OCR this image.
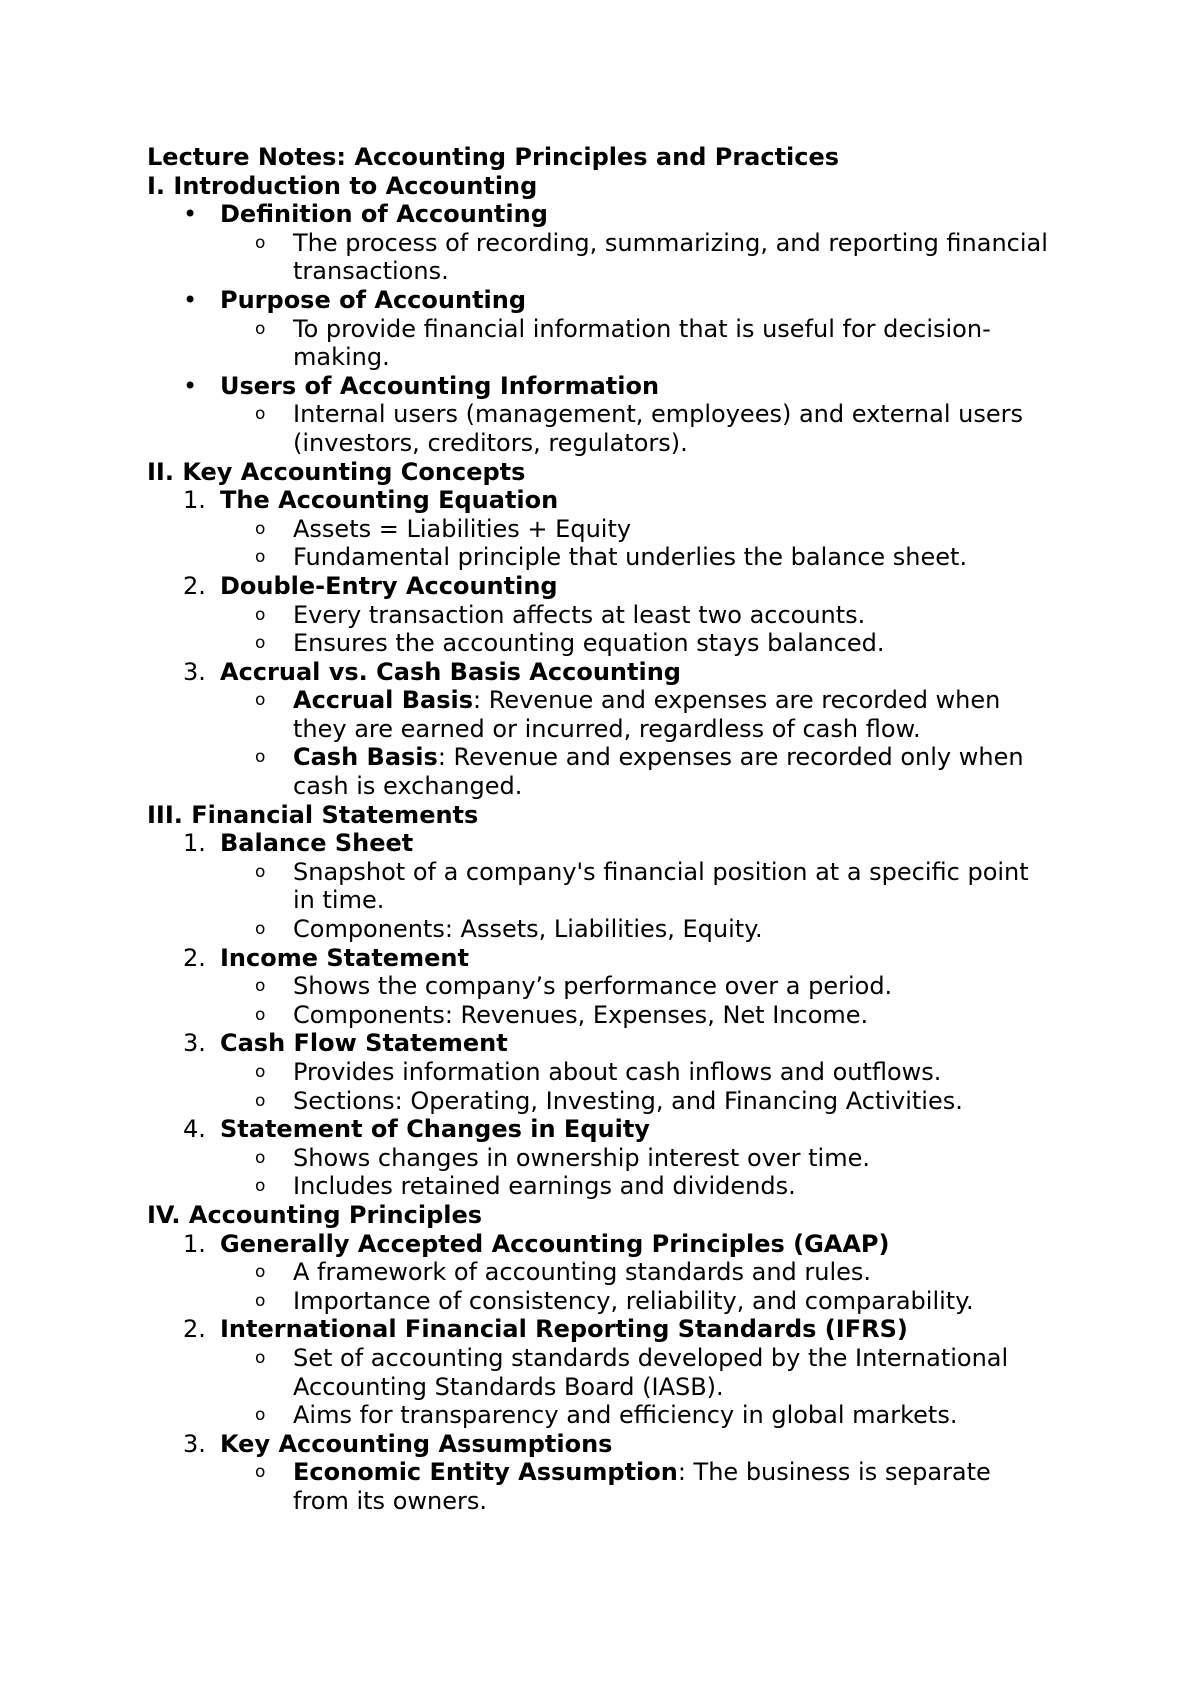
Lecture Notes: Accounting Principles and Practices
I. Introduction to Accounting
• Definition of Accounting
o The process of recording, summarizing, and reporting financial
transactions.
• Purpose of Accounting
o To provide financial information that is useful for decision-
making.
• Users of Accounting Information
o Internal users (management, employees) and external users
(investors, creditors, regulators).
II. Key Accounting Concepts
1. The Accounting Equation
o Assets = Liabilities + Equity
o Fundamental principle that underlies the balance sheet.
2. Double-Entry Accounting
o Every transaction affects at least two accounts.
o Ensures the accounting equation stays balanced.
3. Accrual vs. Cash Basis Accounting
o Accrual Basis: Revenue and expenses are recorded when
they are earned or incurred, regardless of cash flow.
o Cash Basis: Revenue and expenses are recorded only when
cash is exchanged.
III. Financial Statements
1. Balance Sheet
o Snapshot of a company's financial position at a specific point
in time.
o Components: Assets, Liabilities, Equity.
2. Income Statement
o Shows the company’s performance over a period.
o Components: Revenues, Expenses, Net Income.
3. Cash Flow Statement
o Provides information about cash inflows and outflows.
o Sections: Operating, Investing, and Financing Activities.
4. Statement of Changes in Equity
o Shows changes in ownership interest over time.
o Includes retained earnings and dividends.
IV. Accounting Principles
1. Generally Accepted Accounting Principles (GAAP)
o A framework of accounting standards and rules.
o Importance of consistency, reliability, and comparability.
2. International Financial Reporting Standards (IFRS)
o Set of accounting standards developed by the International
Accounting Standards Board (IASB).
o Aims for transparency and efficiency in global markets.
3. Key Accounting Assumptions
o Economic Entity Assumption: The business is separate
from its owners.
